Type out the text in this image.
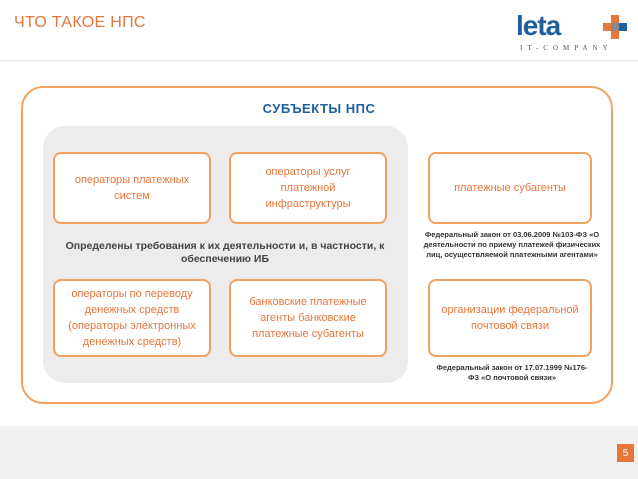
ЧТО ТАКОЕ НПС	leta
IT-COMPANY
СУБЪЕКТЫ НПС
операторы платежных систем
операторы услуг платежной инфраструктуры
платежные субагенты
Определены требования к их деятельности и, в частности, к обеспечению ИБ
Федеральный закон от 03.06.2009 №103-ФЗ «О деятельности по приему платежей физических лиц, осуществляемой платежными агентами»
операторы по переводу денежных средств (операторы электронных денежных средств)
банковские платежные агенты банковские платежные субагенты
организации федеральной почтовой связи
Федеральный закон от 17.07.1999 №176-ФЗ «О почтовой связи»
5
